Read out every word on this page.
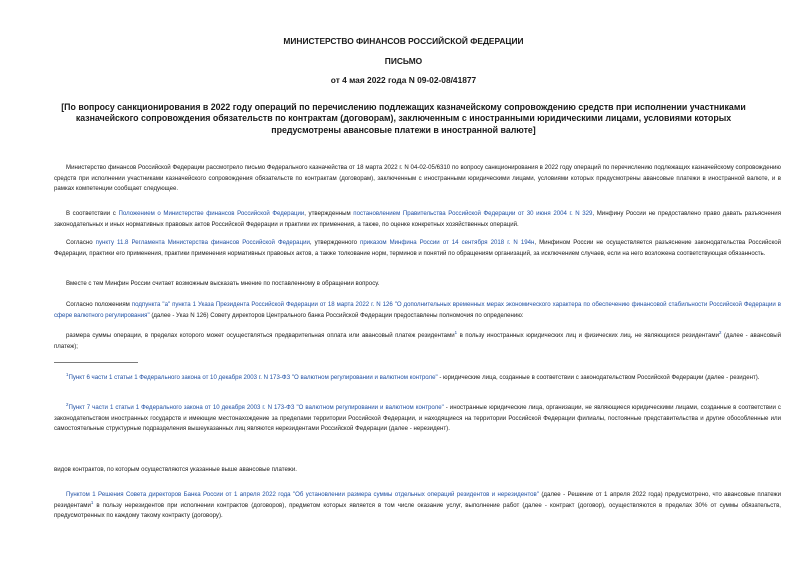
МИНИСТЕРСТВО ФИНАНСОВ РОССИЙСКОЙ ФЕДЕРАЦИИ
ПИСЬМО
от 4 мая 2022 года N 09-02-08/41877
[По вопросу санкционирования в 2022 году операций по перечислению подлежащих казначейскому сопровождению средств при исполнении участниками казначейского сопровождения обязательств по контрактам (договорам), заключенным с иностранными юридическими лицами, условиями которых предусмотрены авансовые платежи в иностранной валюте]

Министерство финансов Российской Федерации рассмотрело письмо Федерального казначейства от 18 марта 2022 г. N 04-02-05/6310 по вопросу санкционирования в 2022 году операций по перечислению подлежащих казначейскому сопровождению средств при исполнении участниками казначейского сопровождения обязательств по контрактам (договорам), заключенным с иностранными юридическими лицами, условиями которых предусмотрены авансовые платежи в иностранной валюте, и в рамках компетенции сообщает следующее.

В соответствии с Положением о Министерстве финансов Российской Федерации, утвержденным постановлением Правительства Российской Федерации от 30 июня 2004 г. N 329, Минфину России не предоставлено право давать разъяснения законодательных и иных нормативных правовых актов Российской Федерации и практики их применения, а также, по оценке конкретных хозяйственных операций.

Согласно пункту 11.8 Регламента Министерства финансов Российской Федерации, утвержденного приказом Минфина России от 14 сентября 2018 г. N 194н, Минфином России не осуществляется разъяснение законодательства Российской Федерации, практики его применения, практики применения нормативных правовых актов, а также толкование норм, терминов и понятий по обращениям организаций, за исключением случаев, если на него возложена соответствующая обязанность.

Вместе с тем Минфин России считает возможным высказать мнение по поставленному в обращении вопросу.

Согласно положениям подпункта "а" пункта 1 Указа Президента Российской Федерации от 18 марта 2022 г. N 126 "О дополнительных временных мерах экономического характера по обеспечению финансовой стабильности Российской Федерации в сфере валютного регулирования" (далее - Указ N 126) Совету директоров Центрального банка Российской Федерации предоставлены полномочия по определению:

размера суммы операции, в пределах которого может осуществляться предварительная оплата или авансовый платеж резидентами$^1$ в пользу иностранных юридических лиц и физических лиц, не являющихся резидентами$^2$ (далее - авансовый платеж);

$^1$Пункт 6 части 1 статьи 1 Федерального закона от 10 декабря 2003 г. N 173-ФЗ "О валютном регулировании и валютном контроле" - юридические лица, созданные в соответствии с законодательством Российской Федерации (далее - резидент).

$^2$Пункт 7 части 1 статьи 1 Федерального закона от 10 декабря 2003 г. N 173-ФЗ "О валютном регулировании и валютном контроле" - иностранные юридические лица, организации, не являющиеся юридическими лицами, созданные в соответствии с законодательством иностранных государств и имеющие местонахождение за пределами территории Российской Федерации, и находящиеся на территории Российской Федерации филиалы, постоянные представительства и другие обособленные или самостоятельные структурные подразделения вышеуказанных лиц являются нерезидентами Российской Федерации (далее - нерезидент).

видов контрактов, по которым осуществляются указанные выше авансовые платежи.

Пунктом 1 Решения Совета директоров Банка России от 1 апреля 2022 года "Об установлении размера суммы отдельных операций резидентов и нерезидентов" (далее - Решение от 1 апреля 2022 года) предусмотрено, что авансовые платежи резидентами$^1$ в пользу нерезидентов при исполнении контрактов (договоров), предметом которых является в том числе оказание услуг, выполнение работ (далее - контракт (договор), осуществляются в пределах 30% от суммы обязательств, предусмотренных по каждому такому контракту (договору).
